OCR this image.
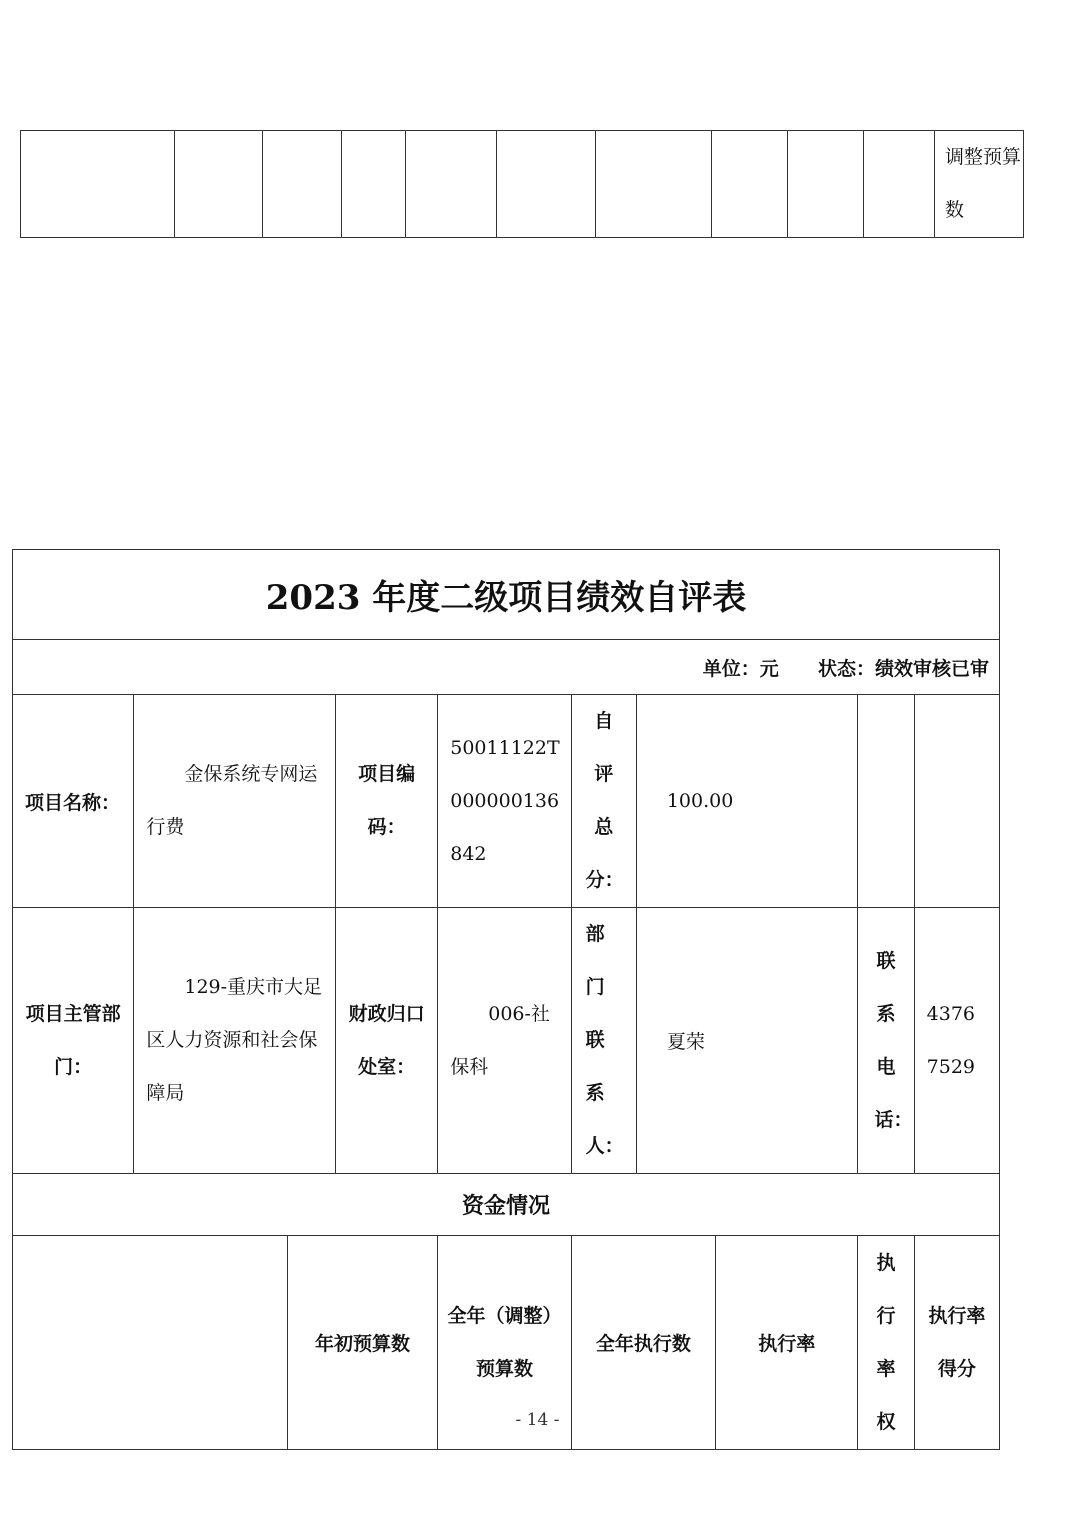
										调整预算数
2023 年度二级项目绩效自评表									
单位：元 状态：绩效审核已审									
项目名称：	金保系统专网运行费		项目编码：	50011122T000000136842	自评总分：	100.00			
项目主管部门：	129-重庆市大足区人力资源和社会保障局		财政归口处室：	006-社保科	部门联系人：	夏荣		联系电话：	43767529
资金情况									
		年初预算数		全年（调整）预算数	全年执行数		执行率	执行率权	执行率得分
- 14 -
